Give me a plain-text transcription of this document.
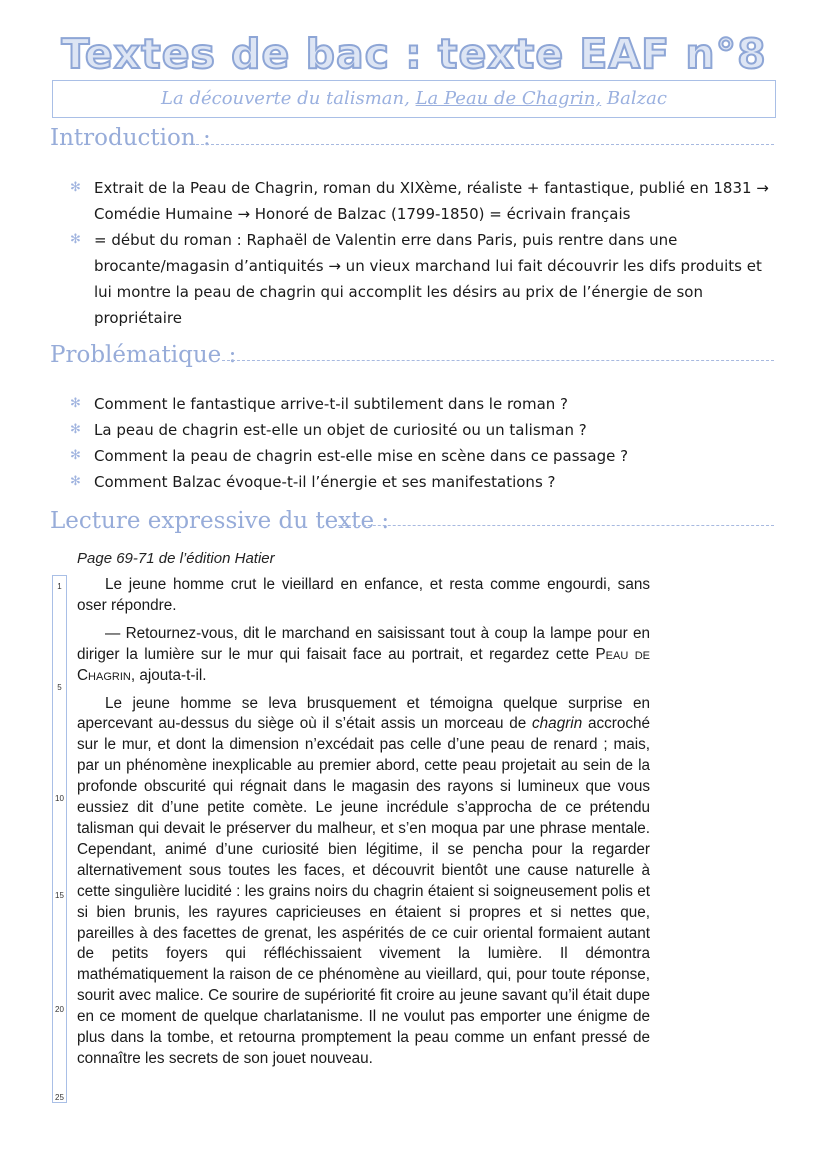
Textes de bac : texte EAF n°8
La découverte du talisman, La Peau de Chagrin, Balzac
Introduction :
✻ Extrait de la Peau de Chagrin, roman du XIXème, réaliste + fantastique, publié en 1831 → Comédie Humaine → Honoré de Balzac (1799-1850) = écrivain français
✻ = début du roman : Raphaël de Valentin erre dans Paris, puis rentre dans une brocante/magasin d’antiquités → un vieux marchand lui fait découvrir les difs produits et lui montre la peau de chagrin qui accomplit les désirs au prix de l’énergie de son propriétaire
Problématique :
✻ Comment le fantastique arrive-t-il subtilement dans le roman ?
✻ La peau de chagrin est-elle un objet de curiosité ou un talisman ?
✻ Comment la peau de chagrin est-elle mise en scène dans ce passage ?
✻ Comment Balzac évoque-t-il l’énergie et ses manifestations ?
Lecture expressive du texte :
Page 69-71 de l’édition Hatier
1
5
10
15
20
25

Le jeune homme crut le vieillard en enfance, et resta comme engourdi, sans oser répondre.

— Retournez-vous, dit le marchand en saisissant tout à coup la lampe pour en diriger la lumière sur le mur qui faisait face au portrait, et regardez cette Peau de Chagrin, ajouta-t-il.

Le jeune homme se leva brusquement et témoigna quelque surprise en apercevant au-dessus du siège où il s’était assis un morceau de chagrin accroché sur le mur, et dont la dimension n’excédait pas celle d’une peau de renard ; mais, par un phénomène inexplicable au premier abord, cette peau projetait au sein de la profonde obscurité qui régnait dans le magasin des rayons si lumineux que vous eussiez dit d’une petite comète. Le jeune incrédule s’approcha de ce prétendu talisman qui devait le préserver du malheur, et s’en moqua par une phrase mentale. Cependant, animé d’une curiosité bien légitime, il se pencha pour la regarder alternativement sous toutes les faces, et découvrit bientôt une cause naturelle à cette singulière lucidité : les grains noirs du chagrin étaient si soigneusement polis et si bien brunis, les rayures capricieuses en étaient si propres et si nettes que, pareilles à des facettes de grenat, les aspérités de ce cuir oriental formaient autant de petits foyers qui réfléchissaient vivement la lumière. Il démontra mathématiquement la raison de ce phénomène au vieillard, qui, pour toute réponse, sourit avec malice. Ce sourire de supériorité fit croire au jeune savant qu’il était dupe en ce moment de quelque charlatanisme. Il ne voulut pas emporter une énigme de plus dans la tombe, et retourna promptement la peau comme un enfant pressé de connaître les secrets de son jouet nouveau.
